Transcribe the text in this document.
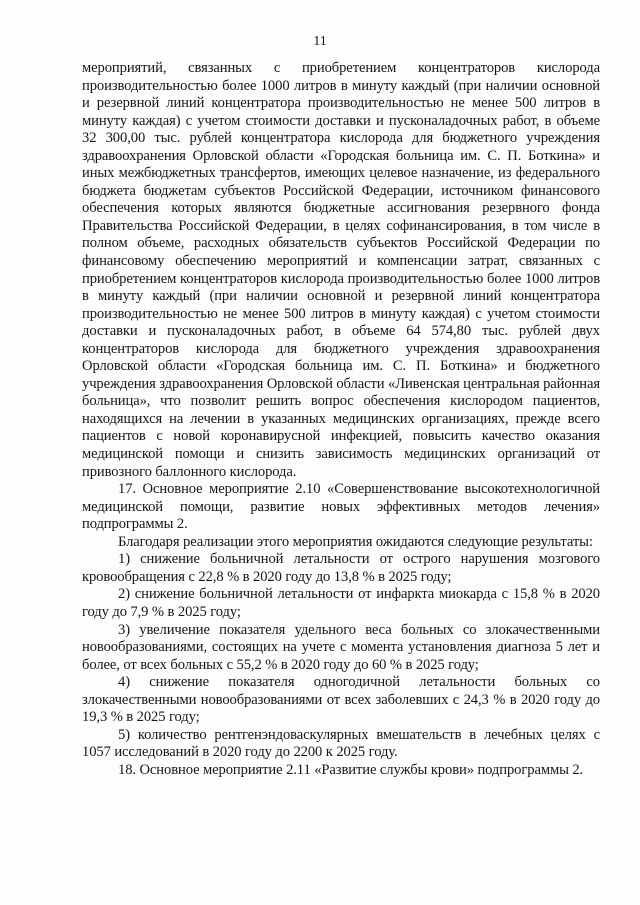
11

мероприятий, связанных с приобретением концентраторов кислорода производительностью более 1000 литров в минуту каждый (при наличии основной и резервной линий концентратора производительностью не менее 500 литров в минуту каждая) с учетом стоимости доставки и пусконаладочных работ, в объеме 32 300,00 тыс. рублей концентратора кислорода для бюджетного учреждения здравоохранения Орловской области «Городская больница им. С. П. Боткина» и иных межбюджетных трансфертов, имеющих целевое назначение, из федерального бюджета бюджетам субъектов Российской Федерации, источником финансового обеспечения которых являются бюджетные ассигнования резервного фонда Правительства Российской Федерации, в целях софинансирования, в том числе в полном объеме, расходных обязательств субъектов Российской Федерации по финансовому обеспечению мероприятий и компенсации затрат, связанных с приобретением концентраторов кислорода производительностью более 1000 литров в минуту каждый (при наличии основной и резервной линий концентратора производительностью не менее 500 литров в минуту каждая) с учетом стоимости доставки и пусконаладочных работ, в объеме 64 574,80 тыс. рублей двух концентраторов кислорода для бюджетного учреждения здравоохранения Орловской области «Городская больница им. С. П. Боткина» и бюджетного учреждения здравоохранения Орловской области «Ливенская центральная районная больница», что позволит решить вопрос обеспечения кислородом пациентов, находящихся на лечении в указанных медицинских организациях, прежде всего пациентов с новой коронавирусной инфекцией, повысить качество оказания медицинской помощи и снизить зависимость медицинских организаций от привозного баллонного кислорода.

17. Основное мероприятие 2.10 «Совершенствование высокотехнологичной медицинской помощи, развитие новых эффективных методов лечения» подпрограммы 2.

Благодаря реализации этого мероприятия ожидаются следующие результаты:

1) снижение больничной летальности от острого нарушения мозгового кровообращения с 22,8 % в 2020 году до 13,8 % в 2025 году;

2) снижение больничной летальности от инфаркта миокарда с 15,8 % в 2020 году до 7,9 % в 2025 году;

3) увеличение показателя удельного веса больных со злокачественными новообразованиями, состоящих на учете с момента установления диагноза 5 лет и более, от всех больных с 55,2 % в 2020 году до 60 % в 2025 году;

4) снижение показателя одногодичной летальности больных со злокачественными новообразованиями от всех заболевших с 24,3 % в 2020 году до 19,3 % в 2025 году;

5) количество рентгенэндоваскулярных вмешательств в лечебных целях с 1057 исследований в 2020 году до 2200 к 2025 году.

18. Основное мероприятие 2.11 «Развитие службы крови» подпрограммы 2.
